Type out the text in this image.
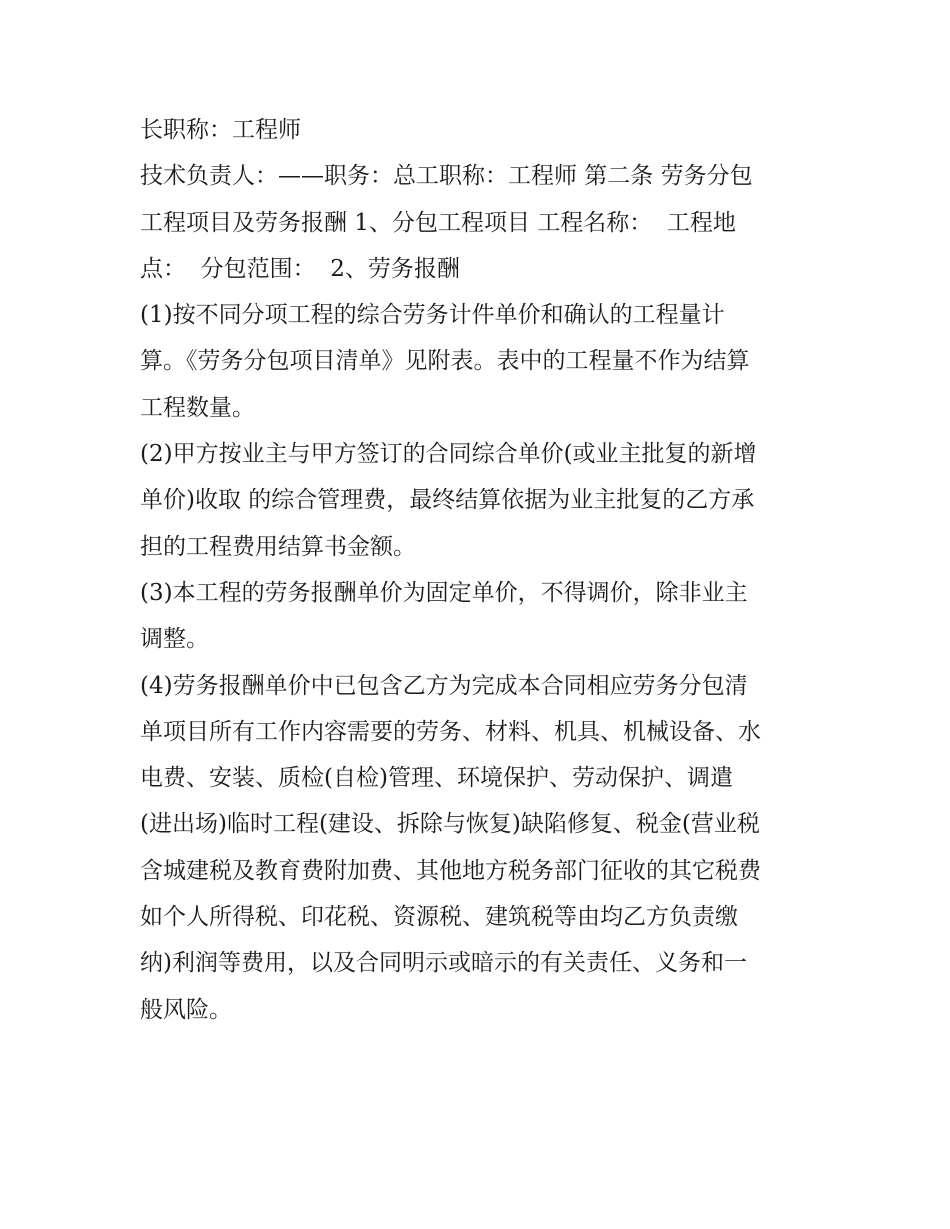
长职称：工程师
技术负责人：——职务：总工职称：工程师 第二条 劳务分包
工程项目及劳务报酬 1、分包工程项目 工程名称：  工程地
点：  分包范围：  2、劳务报酬
(1)按不同分项工程的综合劳务计件单价和确认的工程量计
算。《劳务分包项目清单》见附表。表中的工程量不作为结算
工程数量。
(2)甲方按业主与甲方签订的合同综合单价(或业主批复的新增
单价)收取 的综合管理费，最终结算依据为业主批复的乙方承
担的工程费用结算书金额。
(3)本工程的劳务报酬单价为固定单价，不得调价，除非业主
调整。
(4)劳务报酬单价中已包含乙方为完成本合同相应劳务分包清
单项目所有工作内容需要的劳务、材料、机具、机械设备、水
电费、安装、质检(自检)管理、环境保护、劳动保护、调遣
(进出场)临时工程(建设、拆除与恢复)缺陷修复、税金(营业税
含城建税及教育费附加费、其他地方税务部门征收的其它税费
如个人所得税、印花税、资源税、建筑税等由均乙方负责缴
纳)利润等费用，以及合同明示或暗示的有关责任、义务和一
般风险。
